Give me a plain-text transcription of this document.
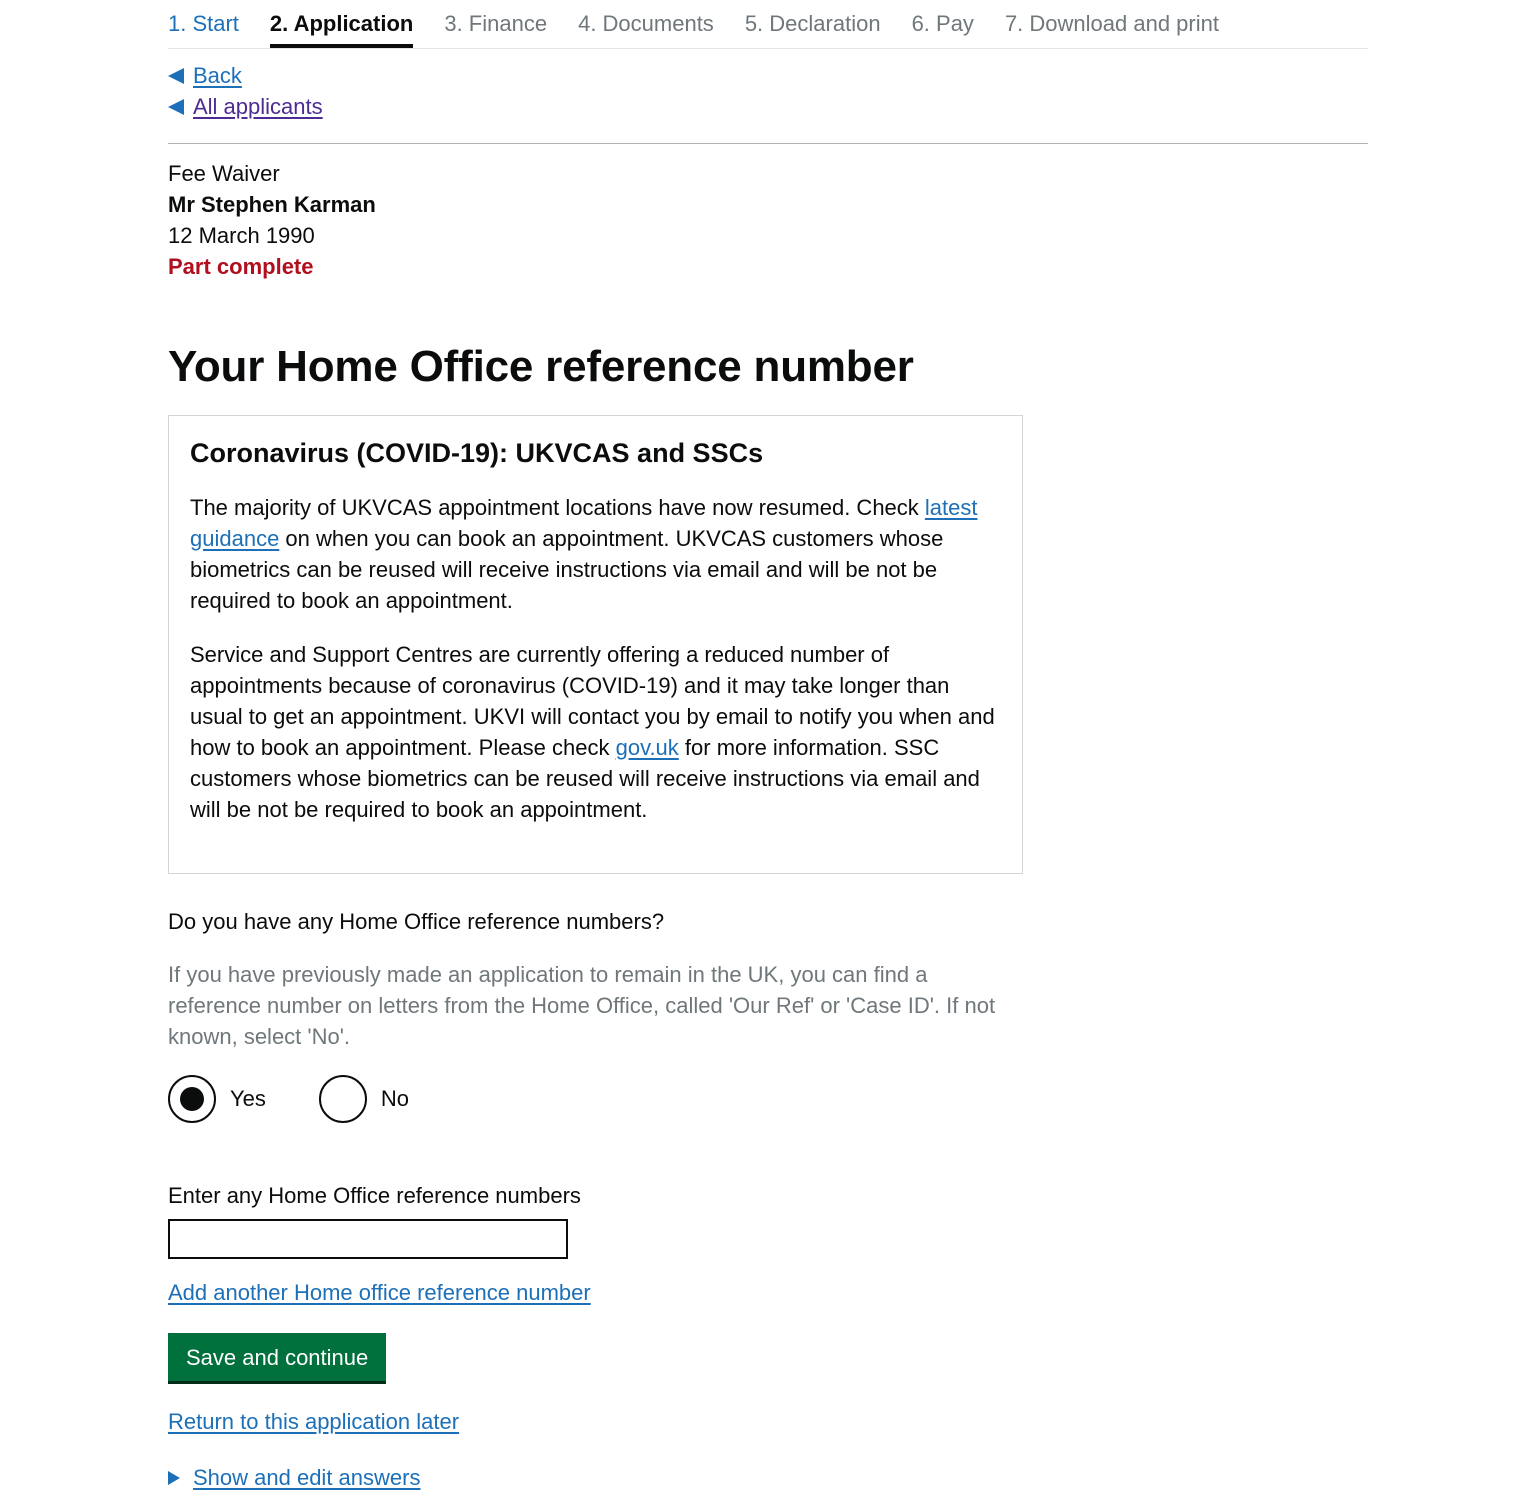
1. Start 2. Application 3. Finance 4. Documents 5. Declaration 6. Pay 7. Download and print
Back
All applicants
Fee Waiver
Mr Stephen Karman
12 March 1990
Part complete
Your Home Office reference number
Coronavirus (COVID-19): UKVCAS and SSCs

The majority of UKVCAS appointment locations have now resumed. Check latest guidance on when you can book an appointment. UKVCAS customers whose biometrics can be reused will receive instructions via email and will be not be required to book an appointment.

Service and Support Centres are currently offering a reduced number of appointments because of coronavirus (COVID-19) and it may take longer than usual to get an appointment. UKVI will contact you by email to notify you when and how to book an appointment. Please check gov.uk for more information. SSC customers whose biometrics can be reused will receive instructions via email and will be not be required to book an appointment.

Do you have any Home Office reference numbers?
If you have previously made an application to remain in the UK, you can find a reference number on letters from the Home Office, called 'Our Ref' or 'Case ID'. If not known, select 'No'.
Yes	No
Enter any Home Office reference numbers
Add another Home office reference number
Save and continue
Return to this application later
Show and edit answers
